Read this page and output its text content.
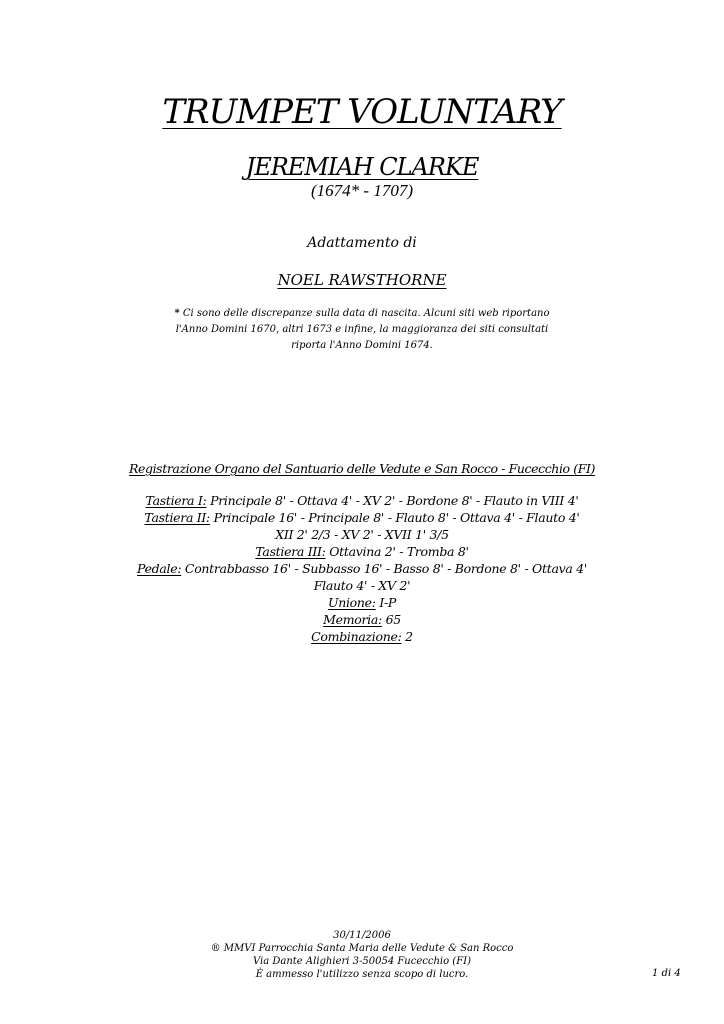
TRUMPET VOLUNTARY
JEREMIAH CLARKE
(1674* - 1707)
Adattamento di
NOEL RAWSTHORNE
* Ci sono delle discrepanze sulla data di nascita. Alcuni siti web riportano
l'Anno Domini 1670, altri 1673 e infine, la maggioranza dei siti consultati
riporta l'Anno Domini 1674.
Registrazione Organo del Santuario delle Vedute e San Rocco - Fucecchio (FI)
Tastiera I: Principale 8' - Ottava 4' - XV 2' - Bordone 8' - Flauto in VIII 4'
Tastiera II: Principale 16' - Principale 8' - Flauto 8' - Ottava 4' - Flauto 4'
XII 2' 2/3 - XV 2' - XVII 1' 3/5
Tastiera III: Ottavina 2' - Tromba 8'
Pedale: Contrabbasso 16' - Subbasso 16' - Basso 8' - Bordone 8' - Ottava 4'
Flauto 4' - XV 2'
Unione: I-P
Memoria: 65
Combinazione: 2
30/11/2006
® MMVI Parrocchia Santa Maria delle Vedute & San Rocco
Via Dante Alighieri 3-50054 Fucecchio (FI)
È ammesso l'utilizzo senza scopo di lucro.	1 di 4
